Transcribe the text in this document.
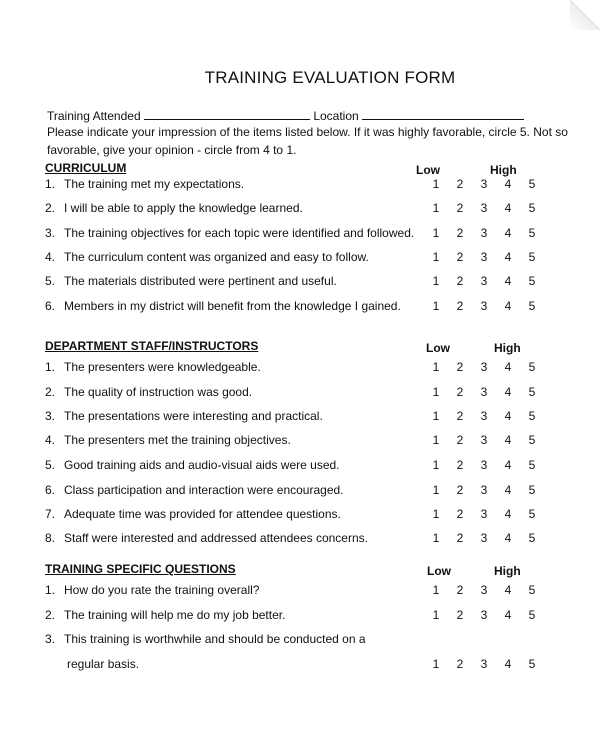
TRAINING EVALUATION FORM
Training Attended	Location
Please indicate your impression of the items listed below. If it was highly favorable, circle 5. Not so
favorable, give your opinion - circle from 4 to 1.
CURRICULUM	Low	High
1. The training met my expectations.	1 2 3 4 5
2. I will be able to apply the knowledge learned.	1 2 3 4 5
3. The training objectives for each topic were identified and followed. 1 2 3 4 5
4. The curriculum content was organized and easy to follow.	1 2 3 4 5
5. The materials distributed were pertinent and useful.	1 2 3 4 5
6. Members in my district will benefit from the knowledge I gained.	1 2 3 4 5
DEPARTMENT STAFF/INSTRUCTORS	Low	High
1. The presenters were knowledgeable.	1 2 3 4 5
2. The quality of instruction was good.	1 2 3 4 5
3. The presentations were interesting and practical.	1 2 3 4 5
4. The presenters met the training objectives.	1 2 3 4 5
5. Good training aids and audio-visual aids were used.	1 2 3 4 5
6. Class participation and interaction were encouraged.	1 2 3 4 5
7. Adequate time was provided for attendee questions.	1 2 3 4 5
8. Staff were interested and addressed attendees concerns.	1 2 3 4 5
TRAINING SPECIFIC QUESTIONS	Low	High
1. How do you rate the training overall?	1 2 3 4 5
2. The training will help me do my job better.	1 2 3 4 5
3. This training is worthwhile and should be conducted on a
regular basis.	1 2 3 4 5
